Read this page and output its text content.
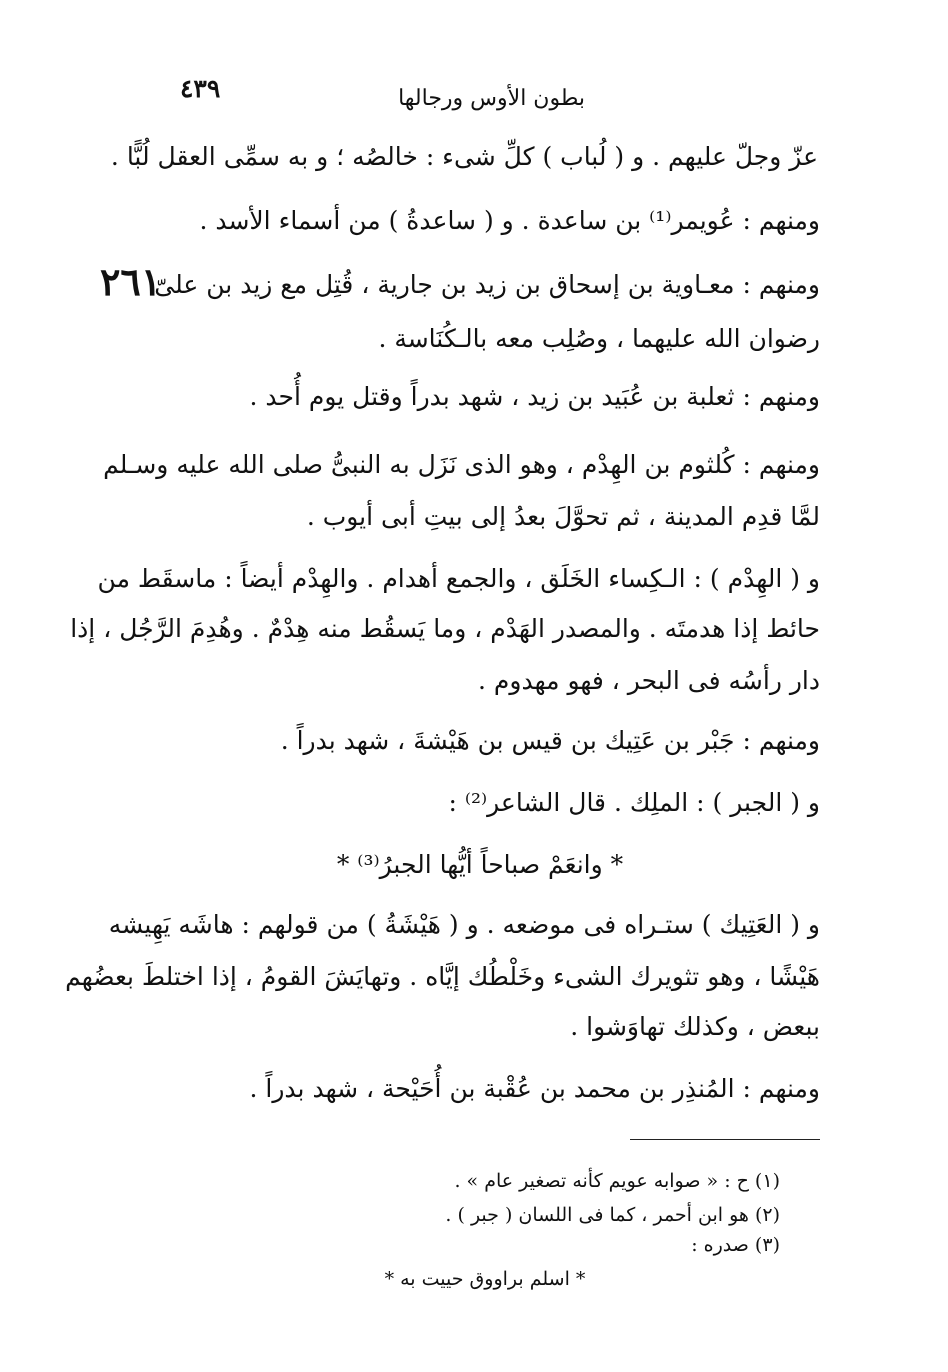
٤٣٩	بطون الأوس ورجالها
٢٦١
عزّ وجلّ عليهم . و ( لُباب ) كلِّ شىء : خالصُه ؛ و به سمِّى العقل لُبًّا .
ومنهم : عُويمر⁽¹⁾ بن ساعدة . و ( ساعدةُ ) من أسماء الأسد .
ومنهم : معـاوية بن إسحاق بن زيد بن جارية ، قُتِل مع زيد بن علىّ
رضوان الله عليهما ، وصُلِب معه بالـكُنَاسة .
ومنهم : ثعلبة بن عُبَيد بن زيد ، شهد بدراً وقتل يوم أُحد .
ومنهم : كُلثوم بن الهِدْم ، وهو الذى نَزَل به النبىُّ صلى الله عليه وسـلم
لمَّا قدِم المدينة ، ثم تحوَّلَ بعدُ إلى بيتِ أبى أيوب .
و ( الهِدْم ) : الـكِساء الخَلَق ، والجمع أهدام . والهِدْم أيضاً : ماسقَط من
حائط إذا هدمتَه . والمصدر الهَدْم ، وما يَسقُط منه هِدْمٌ . وهُدِمَ الرَّجُل ، إذا
دار رأسُه فى البحر ، فهو مهدوم .
ومنهم : جَبْر بن عَتِيك بن قيس بن هَيْشةَ ، شهد بدراً .
و ( الجبر ) : الملِك . قال الشاعر⁽²⁾ :
* وانعَمْ صباحاً أيُّها الجبرُ⁽³⁾ *
و ( العَتِيك ) ستـراه فى موضعه . و ( هَيْشَةُ ) من قولهم : هاشَه يَهِيشه
هَيْشًا ، وهو تثويرك الشىء وخَلْطُك إيَّاه . وتهايَشَ القومُ ، إذا اختلطَ بعضُهم
ببعض ، وكذلك تهاوَشوا .
ومنهم : المُنذِر بن محمد بن عُقْبة بن أُحَيْحة ، شهد بدراً .
(١) ح : « صوابه عويم كأنه تصغير عام » .
(٢) هو ابن أحمر ، كما فى اللسان ( جبر ) .
(٣) صدره :
* اسلم براووق حييت به *
